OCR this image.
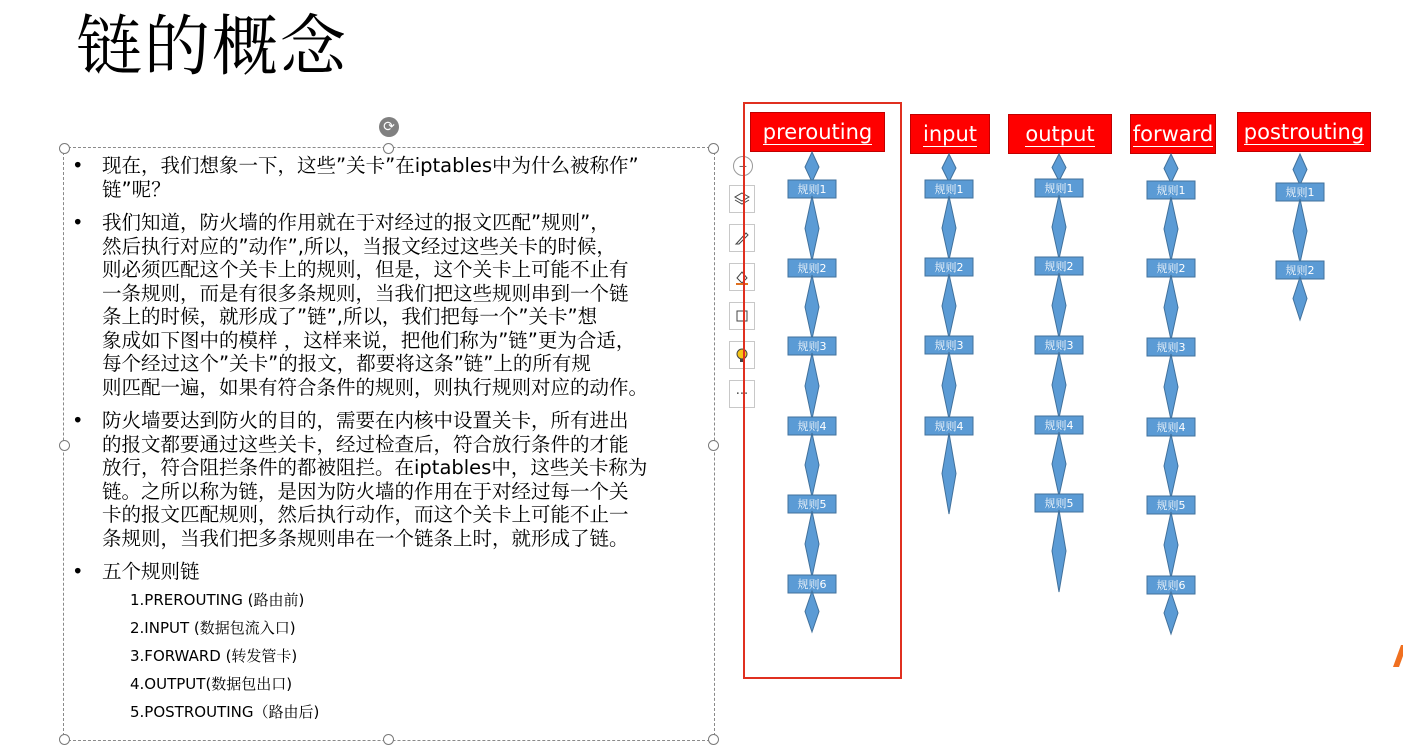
链的概念
⟳
• 现在，我们想象一下，这些”关卡”在iptables中为什么被称作”
链”呢？
• 我们知道，防火墙的作用就在于对经过的报文匹配”规则”，
然后执行对应的”动作”,所以，当报文经过这些关卡的时候，
则必须匹配这个关卡上的规则，但是，这个关卡上可能不止有
一条规则，而是有很多条规则，当我们把这些规则串到一个链
条上的时候，就形成了”链”,所以，我们把每一个”关卡”想
象成如下图中的模样 ，这样来说，把他们称为”链”更为合适，
每个经过这个”关卡”的报文，都要将这条”链”上的所有规
则匹配一遍，如果有符合条件的规则，则执行规则对应的动作。
• 防火墙要达到防火的目的，需要在内核中设置关卡，所有进出
的报文都要通过这些关卡，经过检查后，符合放行条件的才能
放行，符合阻拦条件的都被阻拦。在iptables中，这些关卡称为
链。之所以称为链，是因为防火墙的作用在于对经过每一个关
卡的报文匹配规则，然后执行动作，而这个关卡上可能不止一
条规则，当我们把多条规则串在一个链条上时，就形成了链。
• 五个规则链
1.PREROUTING (路由前)
2.INPUT (数据包流入口)
3.FORWARD (转发管卡)
4.OUTPUT(数据包出口)
5.POSTROUTING（路由后)
−
···
prerouting	input	output	forward	postrouting
规则1
规则2
规则3
规则4
规则5
规则6
规则1
规则2
规则3
规则4
规则1
规则2
规则3
规则4
规则5
规则1
规则2
规则3
规则4
规则5
规则6
规则1
规则2
